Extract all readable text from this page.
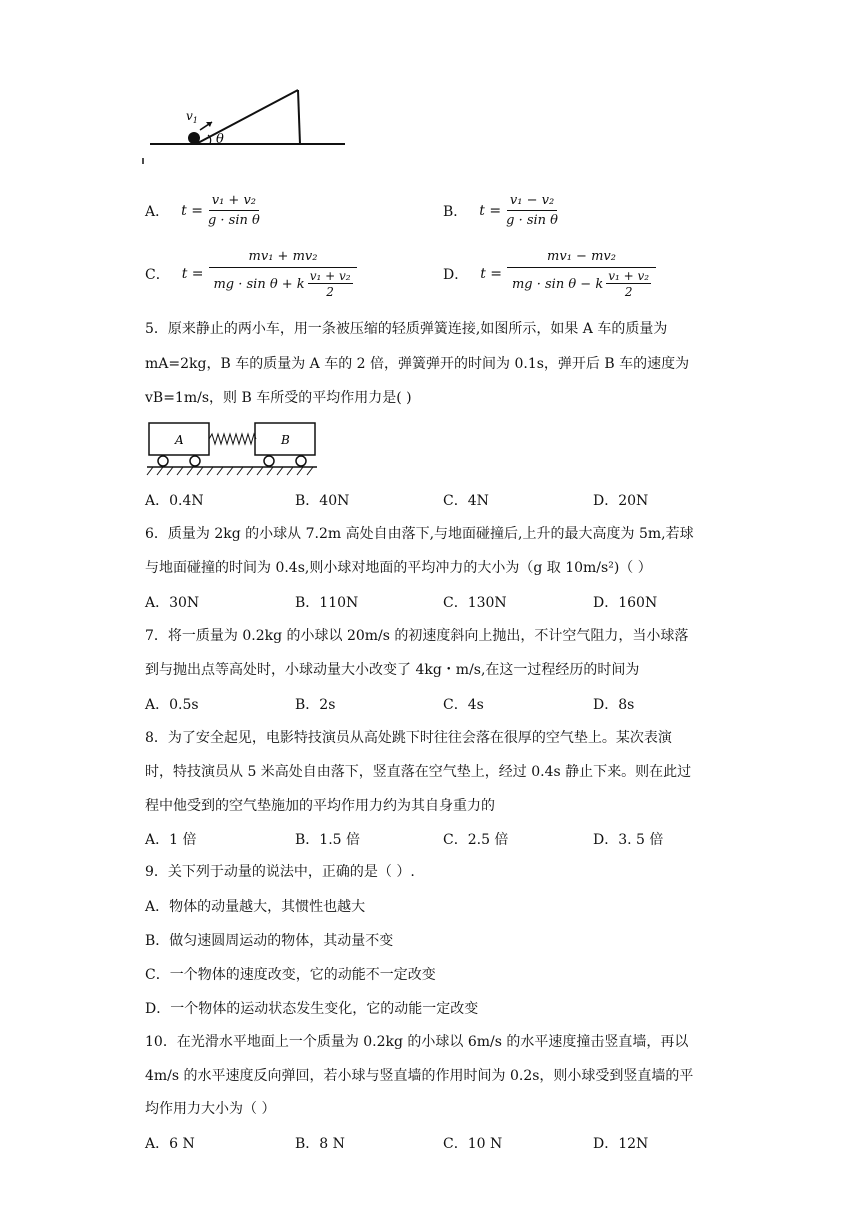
$v_1$
θ
A． $t = \frac{\text{v₁ + v₂}}{\text{g · sin θ}}$	B． $t = \frac{\text{v₁ − v₂}}{\text{g · sin θ}}$
C． $t = \frac{\text{mv₁ + mv₂}}{mg \cdot \sin \theta + k \frac{\text{v₁ + v₂}}{2}}$	D． $t = \frac{\text{mv₁ − mv₂}}{mg \cdot \sin \theta - k \frac{\text{v₁ + v₂}}{2}}$
5．原来静止的两小车，用一条被压缩的轻质弹簧连接,如图所示，如果 A 车的质量为
mA=2kg，B 车的质量为 A 车的 2 倍，弹簧弹开的时间为 0.1s，弹开后 B 车的速度为
vB=1m/s，则 B 车所受的平均作用力是( )
A	B
A．0.4N	B．40N	C．4N	D．20N
6．质量为 2kg 的小球从 7.2m 高处自由落下,与地面碰撞后,上升的最大高度为 5m,若球
与地面碰撞的时间为 0.4s,则小球对地面的平均冲力的大小为（g 取 10m/s²)（ ）
A．30N	B．110N	C．130N	D．160N
7．将一质量为 0.2kg 的小球以 20m/s 的初速度斜向上抛出，不计空气阻力，当小球落
到与抛出点等高处时，小球动量大小改变了 4kg・m/s,在这一过程经历的时间为
A．0.5s	B．2s	C．4s	D．8s
8．为了安全起见，电影特技演员从高处跳下时往往会落在很厚的空气垫上。某次表演
时，特技演员从 5 米高处自由落下，竖直落在空气垫上，经过 0.4s 静止下来。则在此过
程中他受到的空气垫施加的平均作用力约为其自身重力的
A．1 倍	B．1.5 倍	C．2.5 倍	D．3. 5 倍
9．关下列于动量的说法中，正确的是（ ）.
A．物体的动量越大，其惯性也越大
B．做匀速圆周运动的物体，其动量不变
C．一个物体的速度改变，它的动能不一定改变
D．一个物体的运动状态发生变化，它的动能一定改变
10．在光滑水平地面上一个质量为 0.2kg 的小球以 6m/s 的水平速度撞击竖直墙，再以
4m/s 的水平速度反向弹回，若小球与竖直墙的作用时间为 0.2s，则小球受到竖直墙的平
均作用力大小为（ ）
A．6 N	B．8 N	C．10 N	D．12N
